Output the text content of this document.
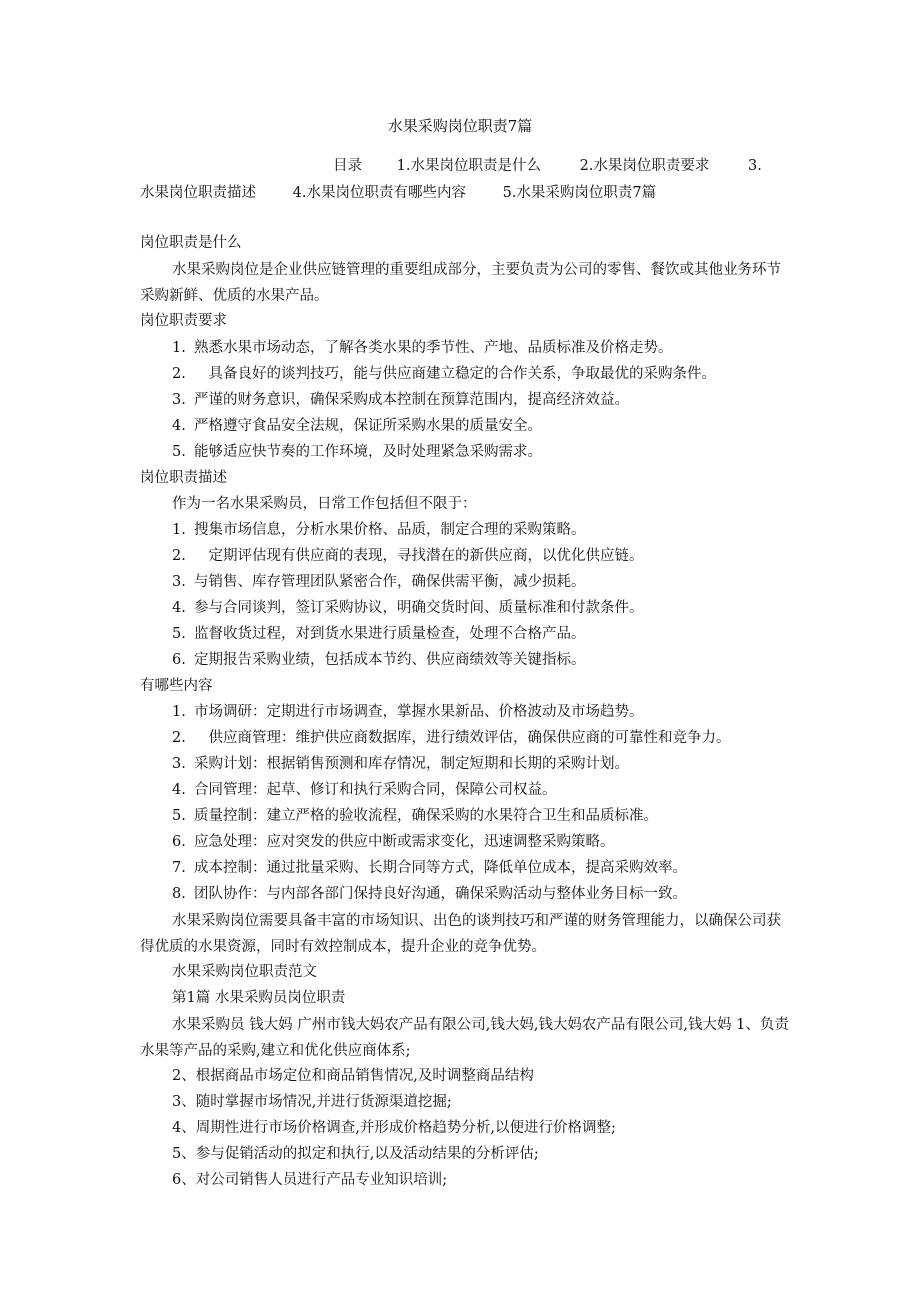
水果采购岗位职责7篇
目录 1.水果岗位职责是什么	2.水果岗位职责要求	3.
水果岗位职责描述	4.水果岗位职责有哪些内容	5.水果采购岗位职责7篇
岗位职责是什么
水果采购岗位是企业供应链管理的重要组成部分，主要负责为公司的零售、餐饮或其他业务环节采购新鲜、优质的水果产品。
岗位职责要求
1. 熟悉水果市场动态，了解各类水果的季节性、产地、品质标准及价格走势。
2.　具备良好的谈判技巧，能与供应商建立稳定的合作关系，争取最优的采购条件。
3. 严谨的财务意识，确保采购成本控制在预算范围内，提高经济效益。
4. 严格遵守食品安全法规，保证所采购水果的质量安全。
5. 能够适应快节奏的工作环境，及时处理紧急采购需求。
岗位职责描述
作为一名水果采购员，日常工作包括但不限于：
1. 搜集市场信息，分析水果价格、品质，制定合理的采购策略。
2.　定期评估现有供应商的表现，寻找潜在的新供应商，以优化供应链。
3. 与销售、库存管理团队紧密合作，确保供需平衡，减少损耗。
4. 参与合同谈判，签订采购协议，明确交货时间、质量标准和付款条件。
5. 监督收货过程，对到货水果进行质量检查，处理不合格产品。
6. 定期报告采购业绩，包括成本节约、供应商绩效等关键指标。
有哪些内容
1. 市场调研：定期进行市场调查，掌握水果新品、价格波动及市场趋势。
2.　供应商管理：维护供应商数据库，进行绩效评估，确保供应商的可靠性和竞争力。
3. 采购计划：根据销售预测和库存情况，制定短期和长期的采购计划。
4. 合同管理：起草、修订和执行采购合同，保障公司权益。
5. 质量控制：建立严格的验收流程，确保采购的水果符合卫生和品质标准。
6. 应急处理：应对突发的供应中断或需求变化，迅速调整采购策略。
7. 成本控制：通过批量采购、长期合同等方式，降低单位成本，提高采购效率。
8. 团队协作：与内部各部门保持良好沟通，确保采购活动与整体业务目标一致。
水果采购岗位需要具备丰富的市场知识、出色的谈判技巧和严谨的财务管理能力，以确保公司获得优质的水果资源，同时有效控制成本，提升企业的竞争优势。
水果采购岗位职责范文
第1篇 水果采购员岗位职责
水果采购员 钱大妈 广州市钱大妈农产品有限公司,钱大妈,钱大妈农产品有限公司,钱大妈 1、负责水果等产品的采购,建立和优化供应商体系;
2、根据商品市场定位和商品销售情况,及时调整商品结构
3、随时掌握市场情况,并进行货源渠道挖掘;
4、周期性进行市场价格调查,并形成价格趋势分析,以便进行价格调整;
5、参与促销活动的拟定和执行,以及活动结果的分析评估;
6、对公司销售人员进行产品专业知识培训;
